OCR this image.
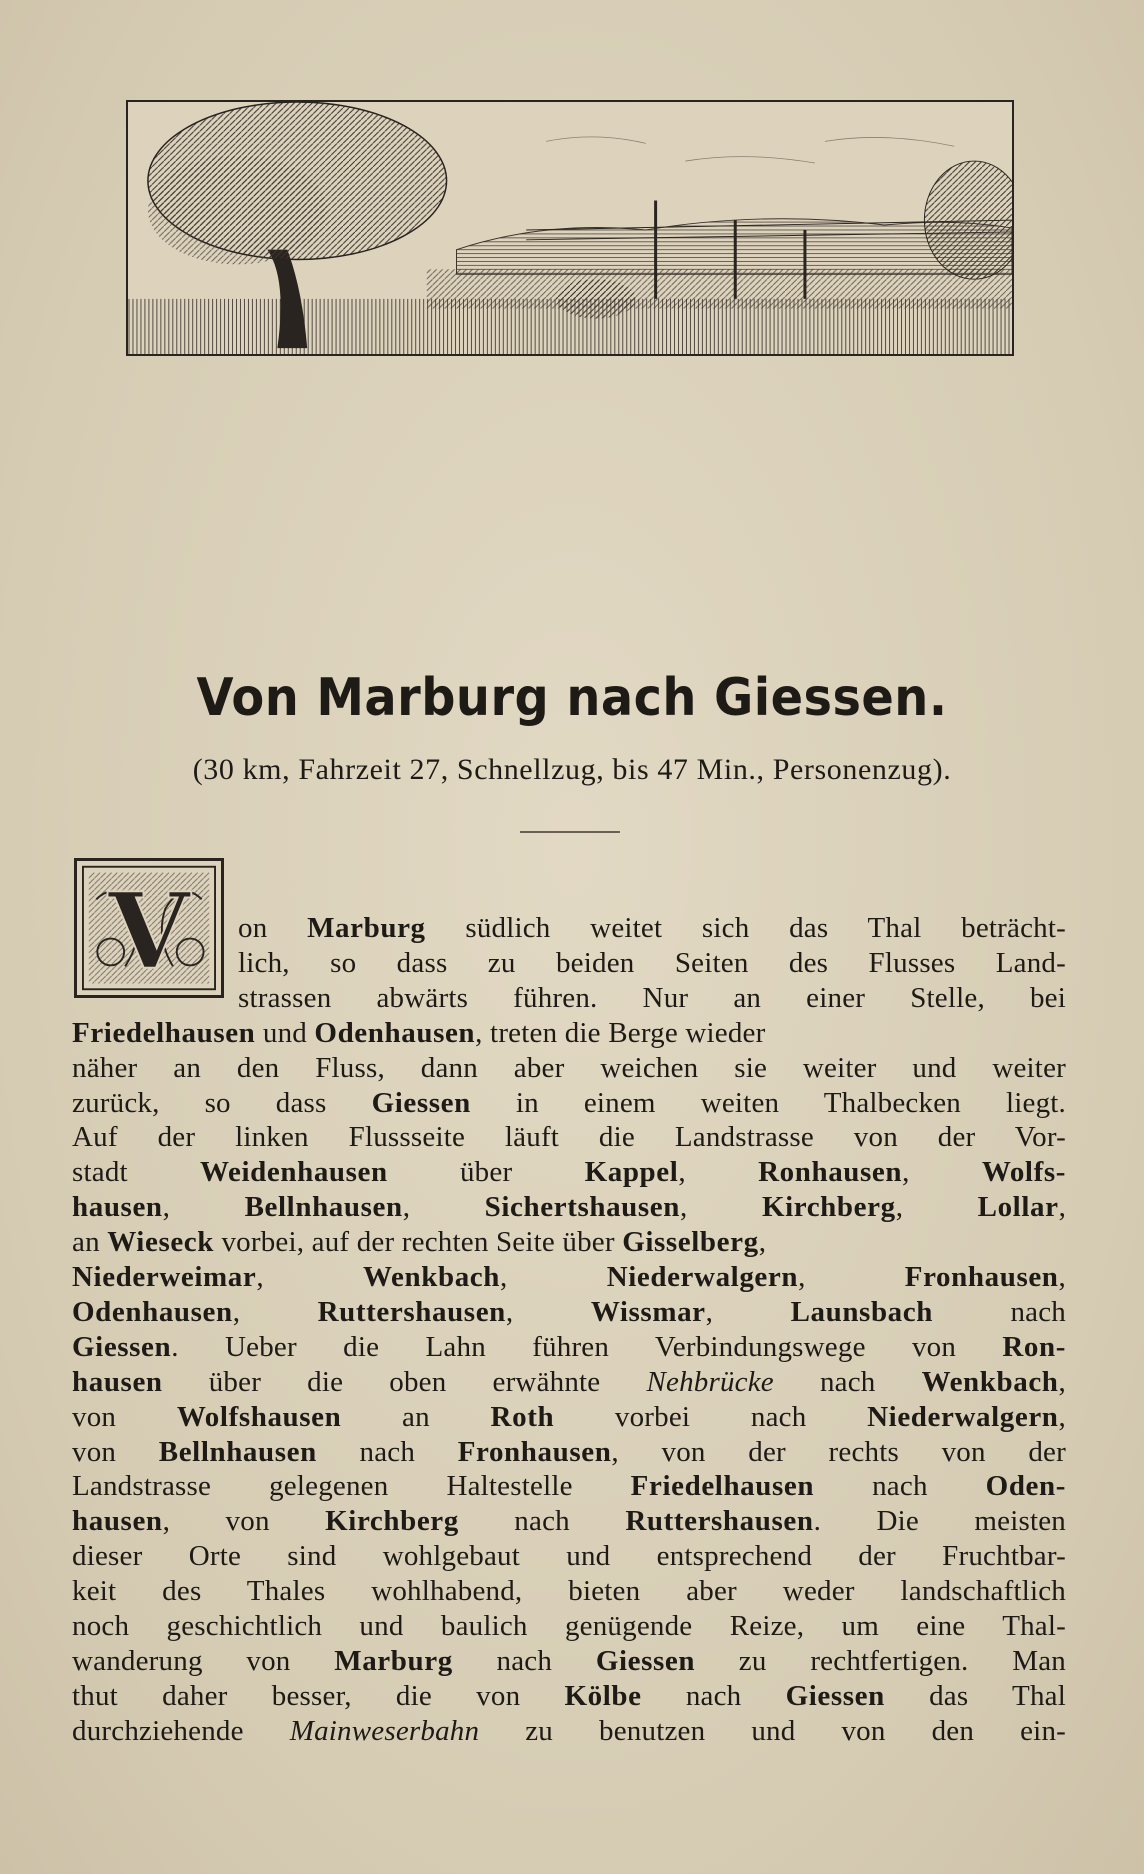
Von Marburg nach Giessen.
(30 km, Fahrzeit 27, Schnellzug, bis 47 Min., Personenzug).
V on Marburg südlich weitet sich das Thal beträcht-
lich, so dass zu beiden Seiten des Flusses Land-
strassen abwärts führen. Nur an einer Stelle, bei
Friedelhausen und Odenhausen, treten die Berge wieder
näher an den Fluss, dann aber weichen sie weiter und weiter
zurück, so dass Giessen in einem weiten Thalbecken liegt.
Auf der linken Flussseite läuft die Landstrasse von der Vor-
stadt Weidenhausen über Kappel, Ronhausen, Wolfs-
hausen, Bellnhausen, Sichertshausen, Kirchberg, Lollar,
an Wieseck vorbei, auf der rechten Seite über Gisselberg,
Niederweimar, Wenkbach, Niederwalgern, Fronhausen,
Odenhausen, Ruttershausen, Wissmar, Launsbach nach
Giessen. Ueber die Lahn führen Verbindungswege von Ron-
hausen über die oben erwähnte Nehbrücke nach Wenkbach,
von Wolfshausen an Roth vorbei nach Niederwalgern,
von Bellnhausen nach Fronhausen, von der rechts von der
Landstrasse gelegenen Haltestelle Friedelhausen nach Oden-
hausen, von Kirchberg nach Ruttershausen. Die meisten
dieser Orte sind wohlgebaut und entsprechend der Fruchtbar-
keit des Thales wohlhabend, bieten aber weder landschaftlich
noch geschichtlich und baulich genügende Reize, um eine Thal-
wanderung von Marburg nach Giessen zu rechtfertigen. Man
thut daher besser, die von Kölbe nach Giessen das Thal
durchziehende Mainweserbahn zu benutzen und von den ein-
